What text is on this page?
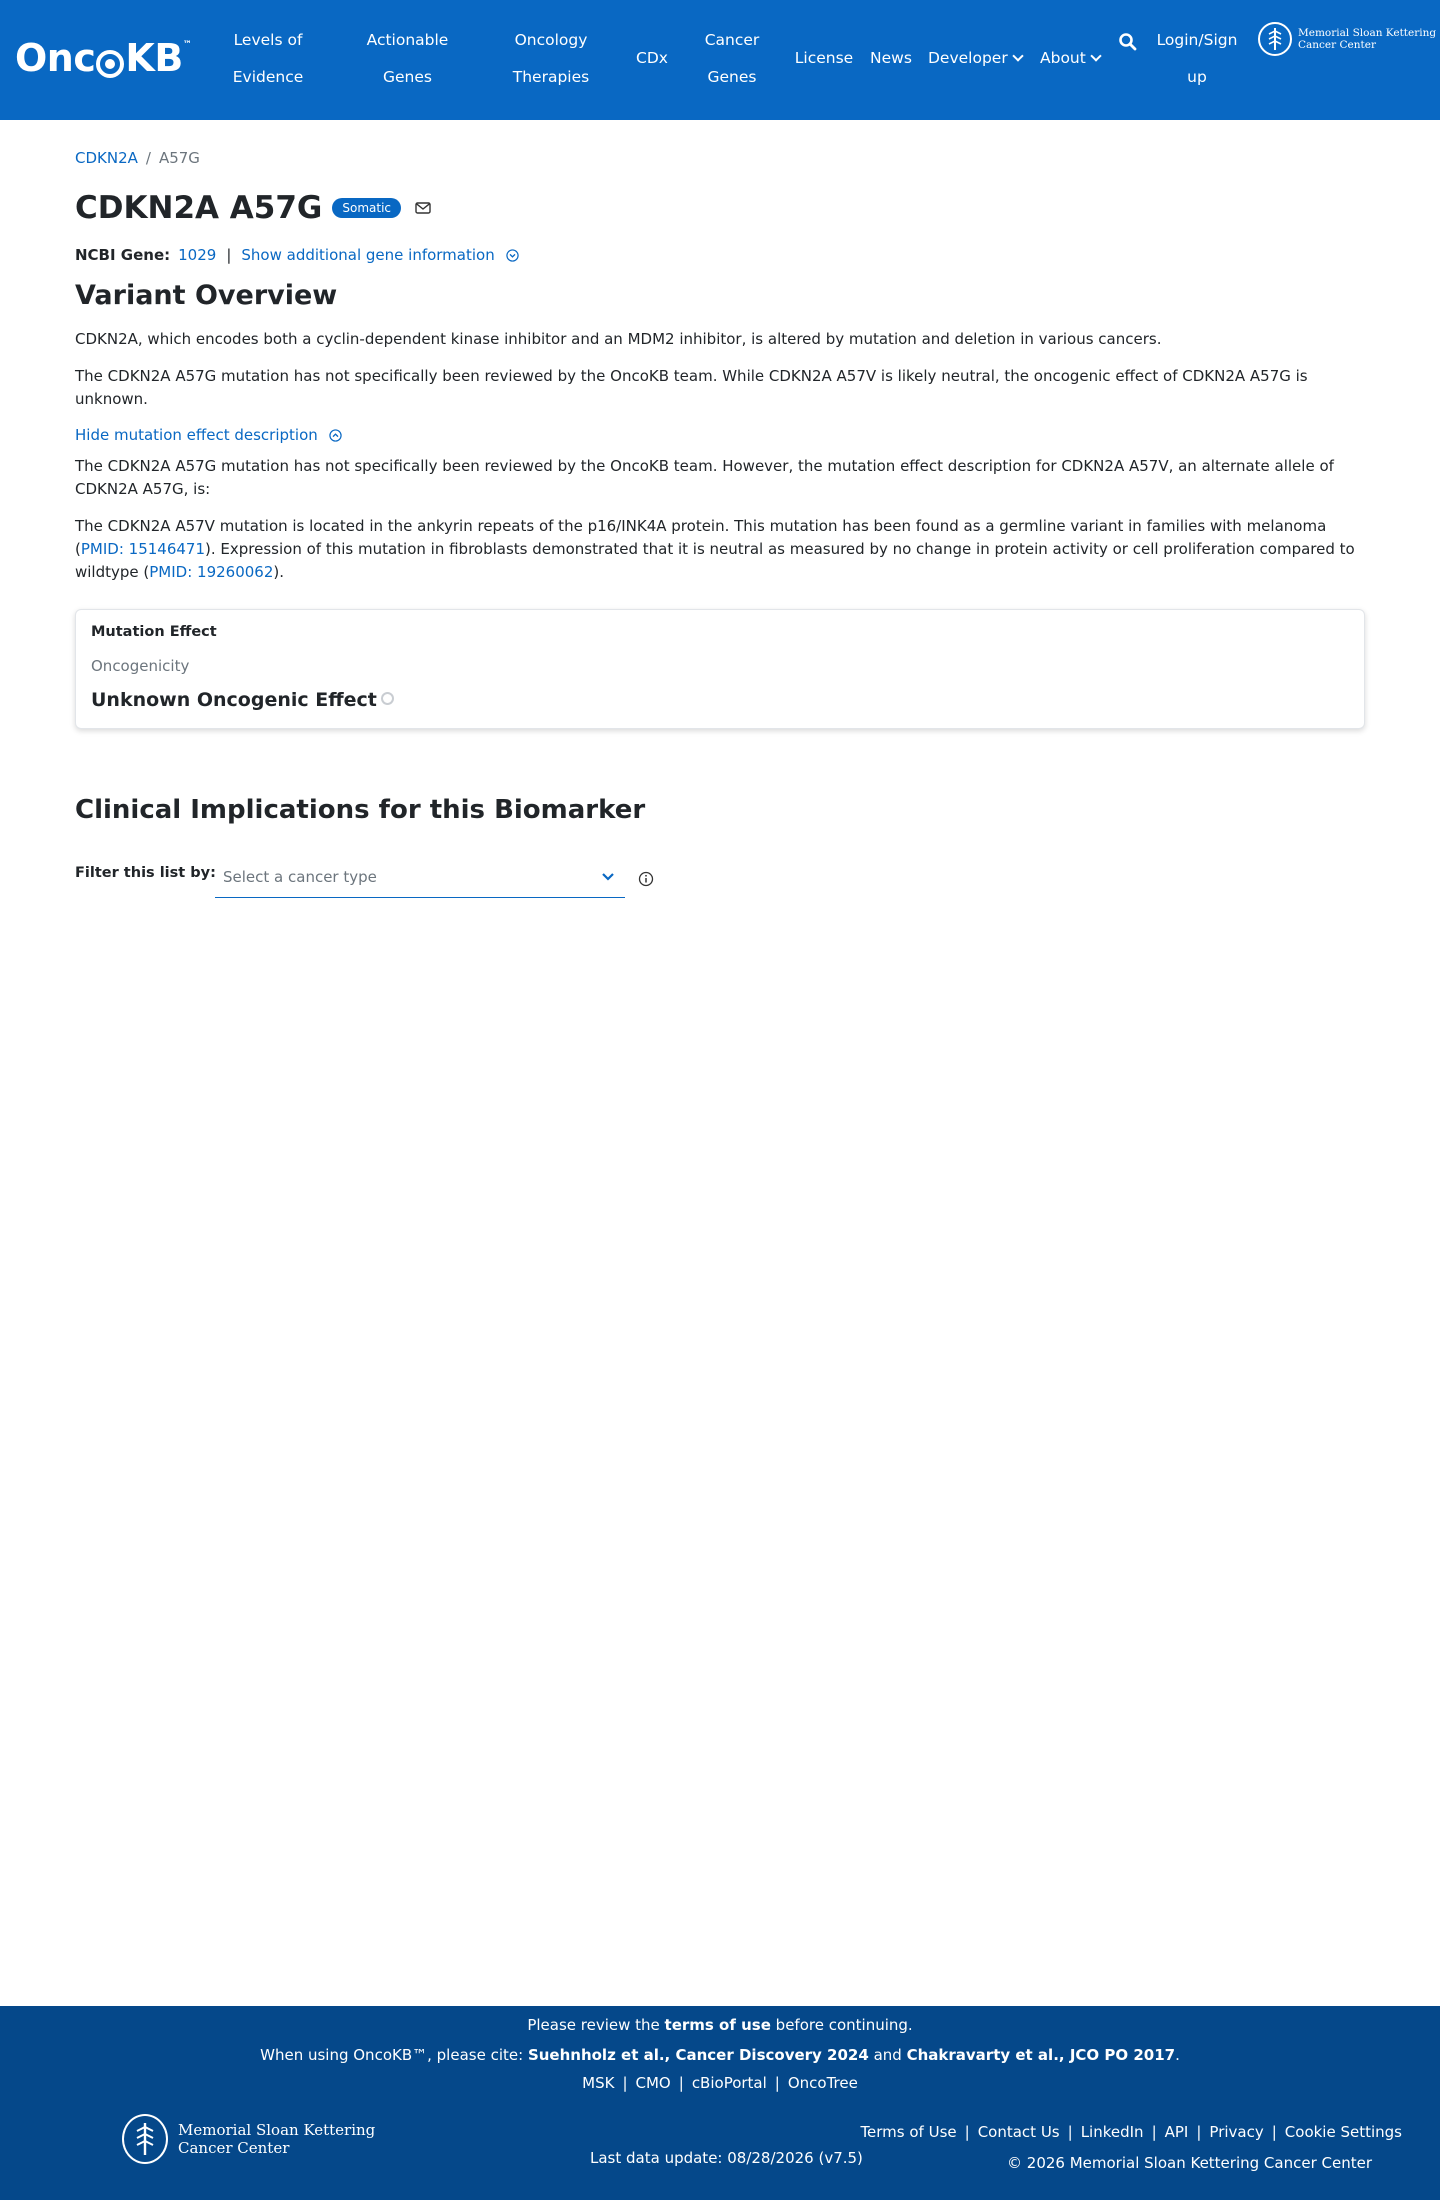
Onc KB ™	Levels of
Evidence
Actionable
Genes
Oncology
Therapies
CDx
Cancer
Genes
License News Developer	About
Login/Sign
up
Memorial Sloan Kettering
Cancer Center
CDKN2A / A57G
CDKN2A A57G	Somatic
NCBI Gene: 1029 | Show additional gene information
Variant Overview

CDKN2A, which encodes both a cyclin-dependent kinase inhibitor and an MDM2 inhibitor, is altered by mutation and deletion in various cancers.

The CDKN2A A57G mutation has not specifically been reviewed by the OncoKB team. While CDKN2A A57V is likely neutral, the oncogenic effect of CDKN2A A57G is unknown.

Hide mutation effect description

The CDKN2A A57G mutation has not specifically been reviewed by the OncoKB team. However, the mutation effect description for CDKN2A A57V, an alternate allele of CDKN2A A57G, is:

The CDKN2A A57V mutation is located in the ankyrin repeats of the p16/INK4A protein. This mutation has been found as a germline variant in families with melanoma (PMID: 15146471). Expression of this mutation in fibroblasts demonstrated that it is neutral as measured by no change in protein activity or cell proliferation compared to wildtype (PMID: 19260062).

Mutation Effect
Oncogenicity
Unknown Oncogenic Effect
Clinical Implications for this Biomarker
Filter this list by: Select a cancer type
Please review the terms of use before continuing.
When using OncoKB™, please cite: Suehnholz et al., Cancer Discovery 2024 and Chakravarty et al., JCO PO 2017.
MSK | CMO | cBioPortal | OncoTree
Memorial Sloan Kettering
Cancer Center
Last data update: 08/28/2026 (v7.5)
Terms of Use | Contact Us | LinkedIn | API | Privacy | Cookie Settings
© 2026 Memorial Sloan Kettering Cancer Center
